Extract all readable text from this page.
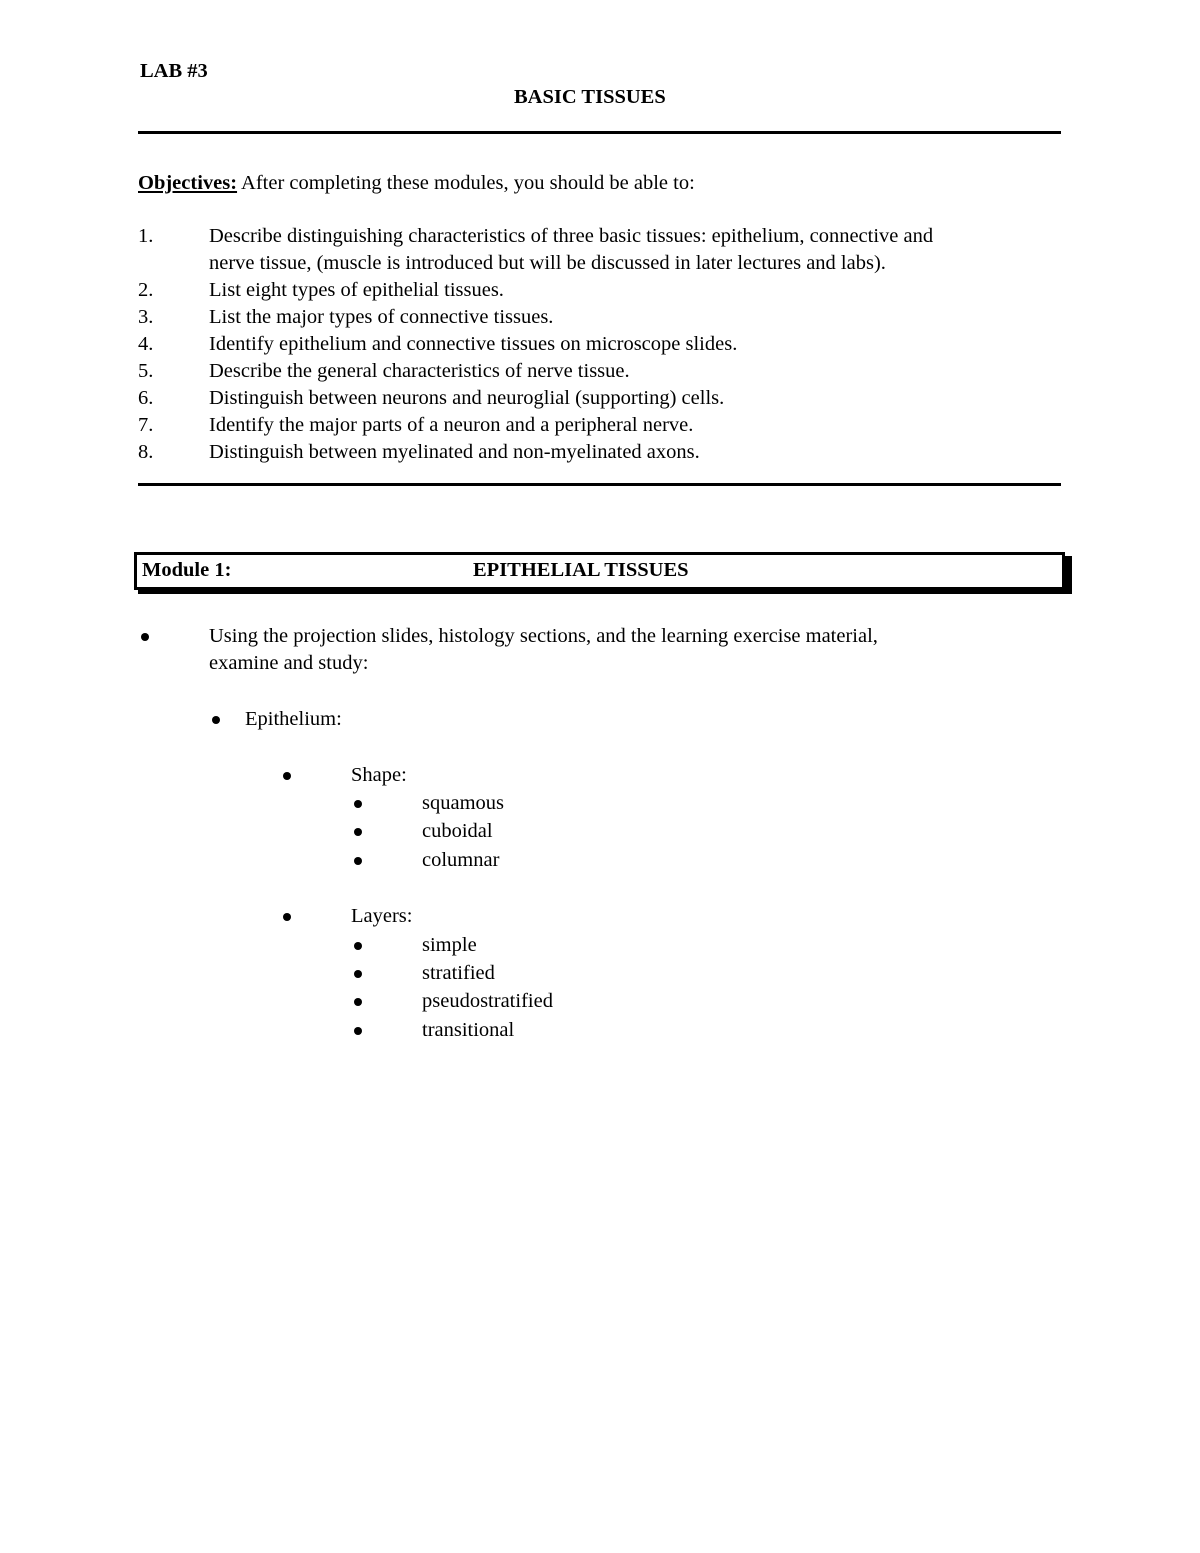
LAB #3
BASIC TISSUES
Objectives: After completing these modules, you should be able to:
1.	Describe distinguishing characteristics of three basic tissues: epithelium, connective and
nerve tissue, (muscle is introduced but will be discussed in later lectures and labs).
2.	List eight types of epithelial tissues.
3.	List the major types of connective tissues.
4.	Identify epithelium and connective tissues on microscope slides.
5.	Describe the general characteristics of nerve tissue.
6.	Distinguish between neurons and neuroglial (supporting) cells.
7.	Identify the major parts of a neuron and a peripheral nerve.
8.	Distinguish between myelinated and non-myelinated axons.
Module 1:	EPITHELIAL TISSUES
Using the projection slides, histology sections, and the learning exercise material,
examine and study:
Epithelium:
Shape:
squamous
cuboidal
columnar
Layers:
simple
stratified
pseudostratified
transitional
